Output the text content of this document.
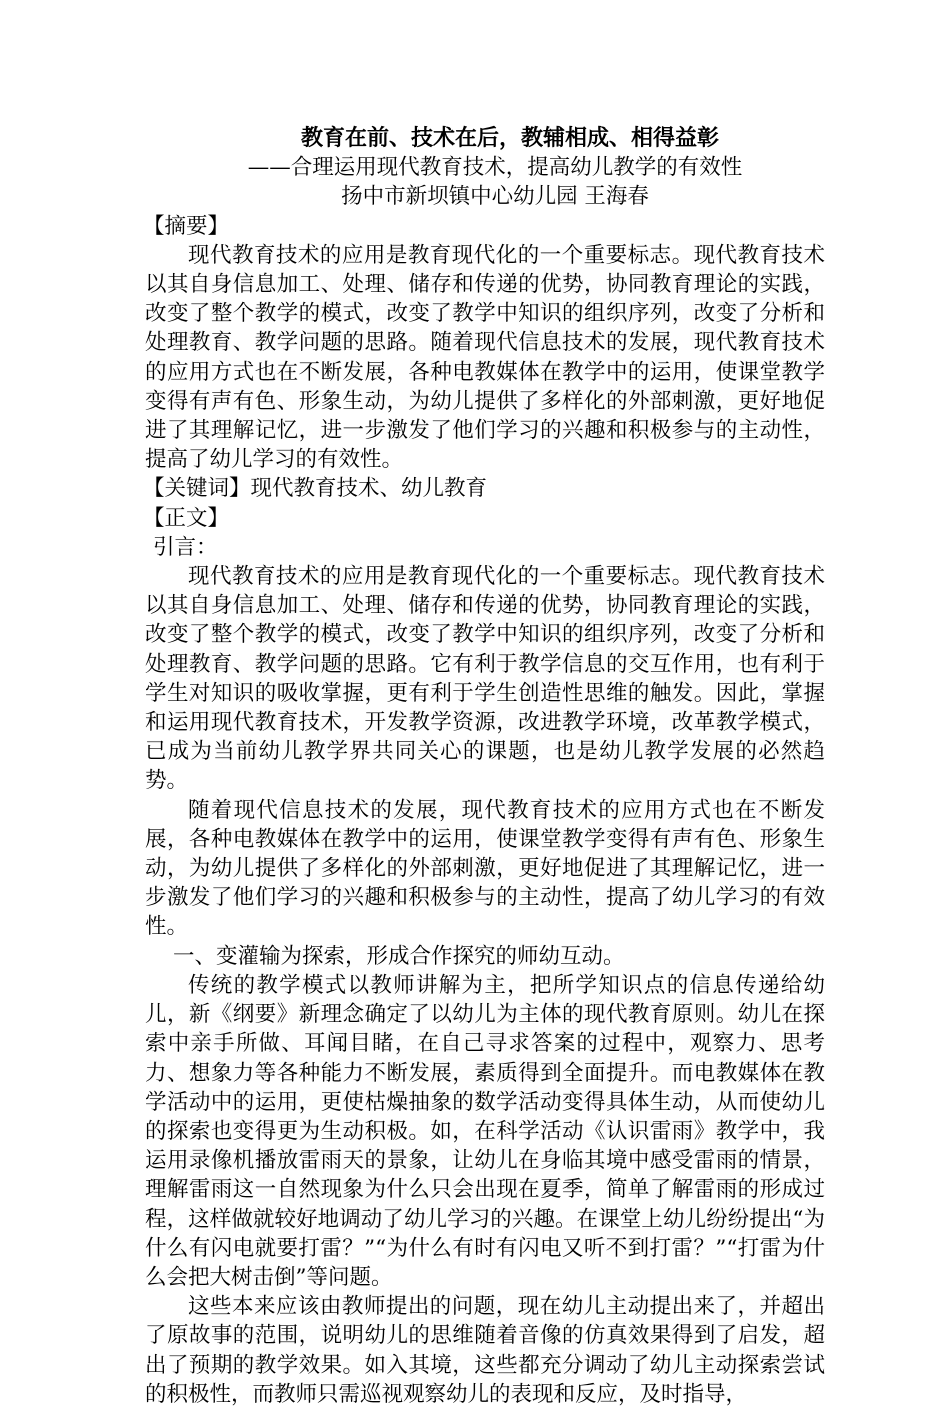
教育在前、技术在后，教辅相成、相得益彰
——合理运用现代教育技术，提高幼儿教学的有效性
扬中市新坝镇中心幼儿园 王海春
【摘要】
现代教育技术的应用是教育现代化的一个重要标志。现代教育技术以其自身信息加工、处理、储存和传递的优势，协同教育理论的实践，改变了整个教学的模式，改变了教学中知识的组织序列，改变了分析和处理教育、教学问题的思路。随着现代信息技术的发展，现代教育技术的应用方式也在不断发展，各种电教媒体在教学中的运用，使课堂教学变得有声有色、形象生动，为幼儿提供了多样化的外部刺激，更好地促进了其理解记忆，进一步激发了他们学习的兴趣和积极参与的主动性，提高了幼儿学习的有效性。
【关键词】现代教育技术、幼儿教育
【正文】
引言：
现代教育技术的应用是教育现代化的一个重要标志。现代教育技术以其自身信息加工、处理、储存和传递的优势，协同教育理论的实践，改变了整个教学的模式，改变了教学中知识的组织序列，改变了分析和处理教育、教学问题的思路。它有利于教学信息的交互作用，也有利于学生对知识的吸收掌握，更有利于学生创造性思维的触发。因此，掌握和运用现代教育技术，开发教学资源，改进教学环境，改革教学模式，已成为当前幼儿教学界共同关心的课题，也是幼儿教学发展的必然趋势。
随着现代信息技术的发展，现代教育技术的应用方式也在不断发展，各种电教媒体在教学中的运用，使课堂教学变得有声有色、形象生动，为幼儿提供了多样化的外部刺激，更好地促进了其理解记忆，进一步激发了他们学习的兴趣和积极参与的主动性，提高了幼儿学习的有效性。
一、变灌输为探索，形成合作探究的师幼互动。
传统的教学模式以教师讲解为主，把所学知识点的信息传递给幼儿，新《纲要》新理念确定了以幼儿为主体的现代教育原则。幼儿在探索中亲手所做、耳闻目睹，在自己寻求答案的过程中，观察力、思考力、想象力等各种能力不断发展，素质得到全面提升。而电教媒体在教学活动中的运用，更使枯燥抽象的数学活动变得具体生动，从而使幼儿的探索也变得更为生动积极。如，在科学活动《认识雷雨》教学中，我运用录像机播放雷雨天的景象，让幼儿在身临其境中感受雷雨的情景，理解雷雨这一自然现象为什么只会出现在夏季，简单了解雷雨的形成过程，这样做就较好地调动了幼儿学习的兴趣。在课堂上幼儿纷纷提出“为什么有闪电就要打雷？”“为什么有时有闪电又听不到打雷？”“打雷为什么会把大树击倒”等问题。
这些本来应该由教师提出的问题，现在幼儿主动提出来了，并超出了原故事的范围，说明幼儿的思维随着音像的仿真效果得到了启发，超出了预期的教学效果。如入其境，这些都充分调动了幼儿主动探索尝试的积极性，而教师只需巡视观察幼儿的表现和反应，及时指导，
